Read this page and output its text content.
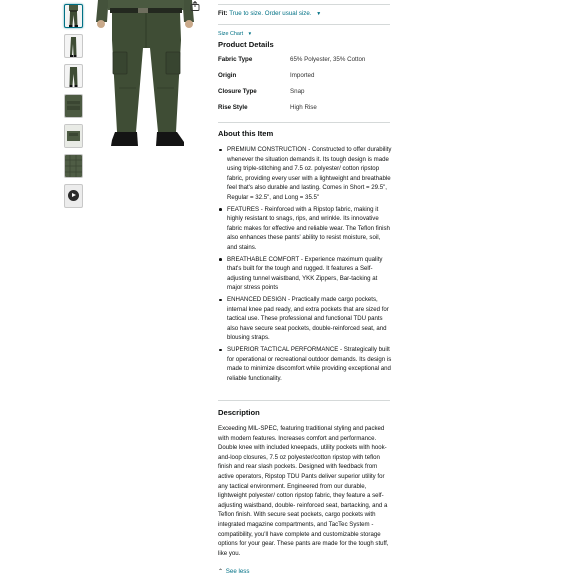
Fit: True to size. Order usual size. ▼
Size Chart ▼
Product Details
Fabric Type	65% Polyester, 35% Cotton
Origin	Imported
Closure Type	Snap
Rise Style	High Rise
About this Item
PREMIUM CONSTRUCTION - Constructed to offer durability whenever the situation demands it. Its tough design is made using triple-stitching and 7.5 oz. polyester/ cotton ripstop fabric, providing every user with a lightweight and breathable feel that's also durable and lasting. Comes in Short = 29.5", Regular = 32.5", and Long = 35.5"
FEATURES - Reinforced with a Ripstop fabric, making it highly resistant to snags, rips, and wrinkle. Its innovative fabric makes for effective and reliable wear. The Teflon finish also enhances these pants' ability to resist moisture, soil, and stains.
BREATHABLE COMFORT - Experience maximum quality that's built for the tough and rugged. It features a Self-adjusting tunnel waistband, YKK Zippers, Bar-tacking at major stress points
ENHANCED DESIGN - Practically made cargo pockets, internal knee pad ready, and extra pockets that are sized for tactical use. These professional and functional TDU pants also have secure seat pockets, double-reinforced seat, and blousing straps.
SUPERIOR TACTICAL PERFORMANCE - Strategically built for operational or recreational outdoor demands. Its design is made to minimize discomfort while providing exceptional and reliable functionality.
Description

Exceeding MIL-SPEC, featuring traditional styling and packed with modern features. Increases comfort and performance. Double knee with included kneepads, utility pockets with hook-and-loop closures, 7.5 oz polyester/cotton ripstop with teflon finish and rear slash pockets. Designed with feedback from active operators, Ripstop TDU Pants deliver superior utility for any tactical environment. Engineered from our durable, lightweight polyester/ cotton ripstop fabric, they feature a self-adjusting waistband, double- reinforced seat, bartacking, and a Teflon finish. With secure seat pockets, cargo pockets with integrated magazine compartments, and TacTec System - compatibility, you'll have complete and customizable storage options for your gear. These pants are made for the tough stuff, like you.

⌃ See less
